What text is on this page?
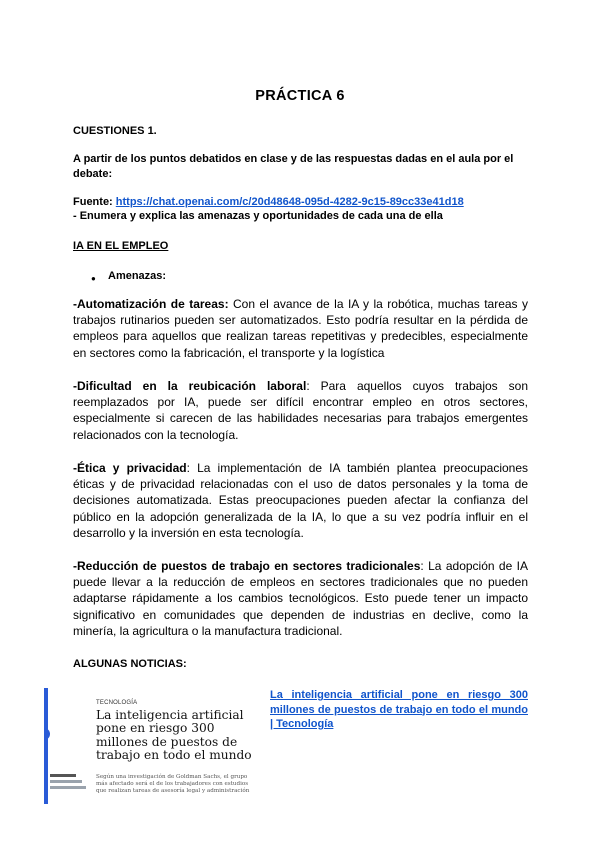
PRÁCTICA 6
CUESTIONES 1.
A partir de los puntos debatidos en clase y de las respuestas dadas en el aula por el debate:
Fuente: https://chat.openai.com/c/20d48648-095d-4282-9c15-89cc33e41d18
- Enumera y explica las amenazas y oportunidades de cada una de ella
IA EN EL EMPLEO
● Amenazas:
-Automatización de tareas: Con el avance de la IA y la robótica, muchas tareas y trabajos rutinarios pueden ser automatizados. Esto podría resultar en la pérdida de empleos para aquellos que realizan tareas repetitivas y predecibles, especialmente en sectores como la fabricación, el transporte y la logística
-Dificultad en la reubicación laboral: Para aquellos cuyos trabajos son reemplazados por IA, puede ser difícil encontrar empleo en otros sectores, especialmente si carecen de las habilidades necesarias para trabajos emergentes relacionados con la tecnología.
-Ética y privacidad: La implementación de IA también plantea preocupaciones éticas y de privacidad relacionadas con el uso de datos personales y la toma de decisiones automatizada. Estas preocupaciones pueden afectar la confianza del público en la adopción generalizada de la IA, lo que a su vez podría influir en el desarrollo y la inversión en esta tecnología.
-Reducción de puestos de trabajo en sectores tradicionales: La adopción de IA puede llevar a la reducción de empleos en sectores tradicionales que no pueden adaptarse rápidamente a los cambios tecnológicos. Esto puede tener un impacto significativo en comunidades que dependen de industrias en declive, como la minería, la agricultura o la manufactura tradicional.
ALGUNAS NOTICIAS:
TECNOLOGÍA
La inteligencia artificial pone en riesgo 300 millones de puestos de trabajo en todo el mundo
Según una investigación de Goldman Sachs, el grupo más afectado será el de los trabajadores con estudios que realizan tareas de asesoría legal y administración
La inteligencia artificial pone en riesgo 300 millones de puestos de trabajo en todo el mundo | Tecnología
